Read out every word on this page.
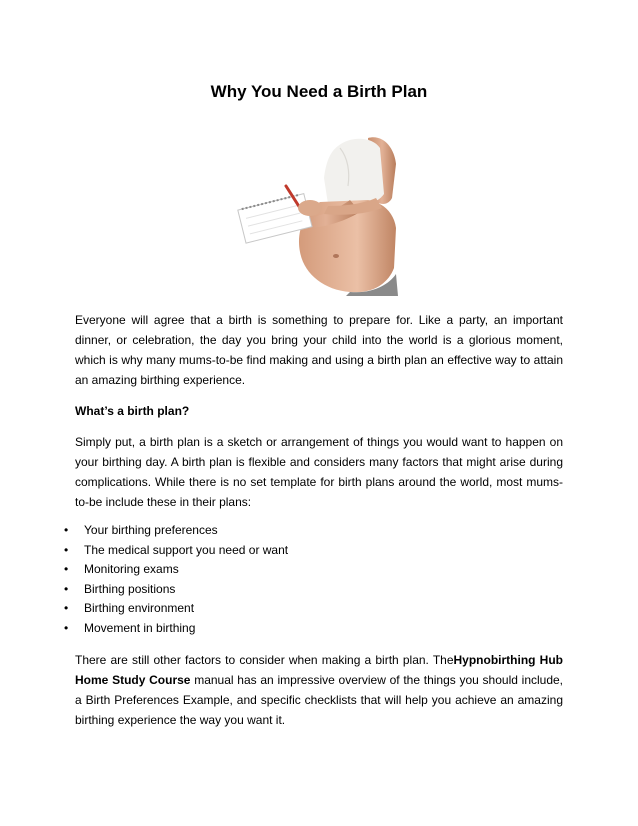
Why You Need a Birth Plan

Everyone will agree that a birth is something to prepare for. Like a party, an important dinner, or celebration, the day you bring your child into the world is a glorious moment, which is why many mums-to-be find making and using a birth plan an effective way to attain an amazing birthing experience.

What’s a birth plan?

Simply put, a birth plan is a sketch or arrangement of things you would want to happen on your birthing day. A birth plan is flexible and considers many factors that might arise during complications. While there is no set template for birth plans around the world, most mums-to-be include these in their plans:

• Your birthing preferences
• The medical support you need or want
• Monitoring exams
• Birthing positions
• Birthing environment
• Movement in birthing

There are still other factors to consider when making a birth plan. TheHypnobirthing Hub Home Study Course manual has an impressive overview of the things you should include, a Birth Preferences Example, and specific checklists that will help you achieve an amazing birthing experience the way you want it.
